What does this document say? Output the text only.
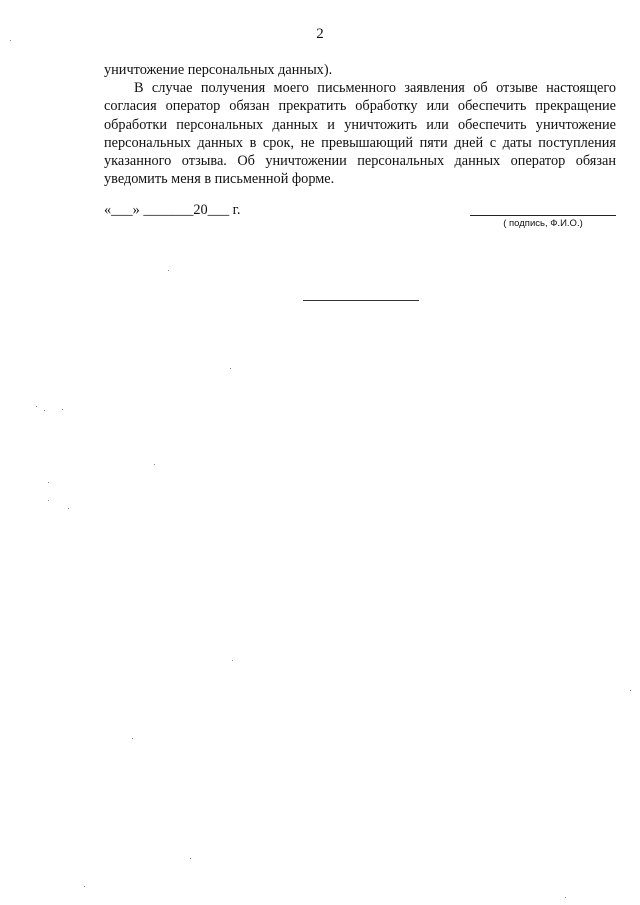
2

уничтожение персональных данных).

В случае получения моего письменного заявления об отзыве настоящего согласия оператор обязан прекратить обработку или обеспечить прекращение обработки персональных данных и уничтожить или обеспечить уничтожение персональных данных в срок, не превышающий пяти дней с даты поступления указанного отзыва. Об уничтожении персональных данных оператор обязан уведомить меня в письменной форме.

«___» _______20___ г.
( подпись, Ф.И.О.)
